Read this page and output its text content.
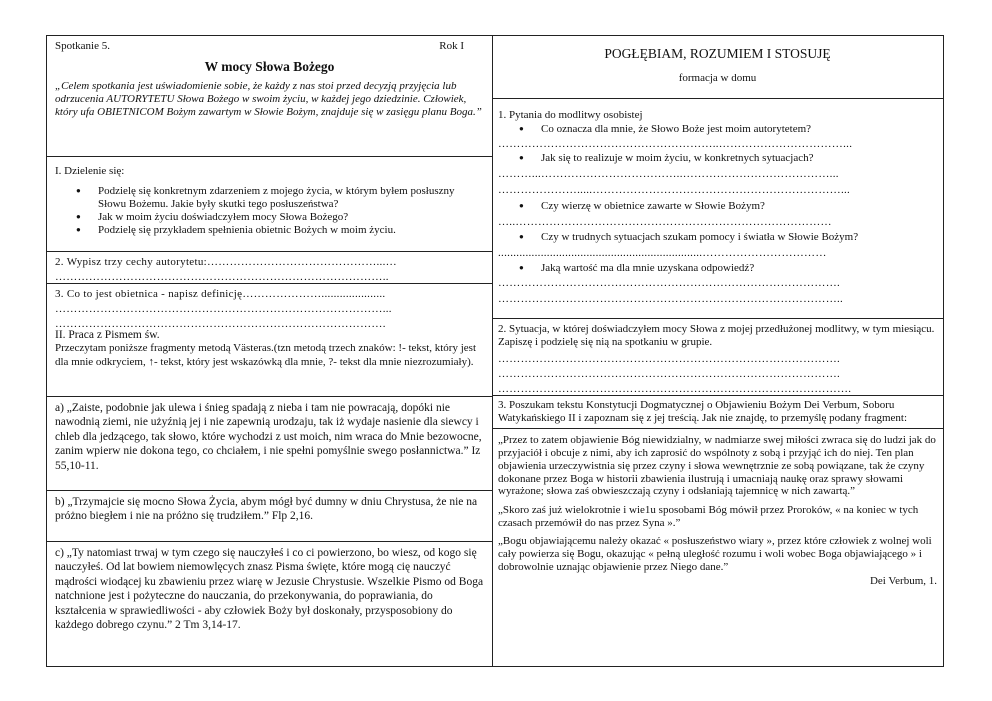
Spotkanie 5.	Rok I
W mocy Słowa Bożego

„Celem spotkania jest uświadomienie sobie, że każdy z nas stoi przed decyzją przyjęcia lub odrzucenia AUTORYTETU Słowa Bożego w swoim życiu, w każdej jego dziedzinie. Człowiek, który ufa OBIETNICOM Bożym zawartym w Słowie Bożym, znajduje się w zasięgu planu Boga.”

I. Dzielenie się:

● Podzielę się konkretnym zdarzeniem z mojego życia, w którym byłem posłuszny Słowu Bożemu. Jakie były skutki tego posłuszeństwa?
● Jak w moim życiu doświadczyłem mocy Słowa Bożego?
● Podzielę się przykładem spełnienia obietnic Bożych w moim życiu.
2. Wypisz trzy cechy autorytetu:………………………………………...…
……………………………………………………………………………..
3. Co to jest obietnica - napisz definicję………………….....................
……………………………………………………………………………...
…………………………………………………………………………….

II. Praca z Pismem św.

Przeczytam poniższe fragmenty metodą Västeras.(tzn metodą trzech znaków: !- tekst, który jest dla mnie odkryciem, ↑- tekst, który jest wskazówką dla mnie, ?- tekst dla mnie niezrozumiały).

a) „Zaiste, podobnie jak ulewa i śnieg spadają z nieba i tam nie powracają, dopóki nie nawodnią ziemi, nie użyźnią jej i nie zapewnią urodzaju, tak iż wydaje nasienie dla siewcy i chleb dla jedzącego, tak słowo, które wychodzi z ust moich, nim wraca do Mnie bezowocne, zanim wpierw nie dokona tego, co chciałem, i nie spełni pomyślnie swego posłannictwa.” Iz 55,10-11.

b) „Trzymajcie się mocno Słowa Życia, abym mógł być dumny w dniu Chrystusa, że nie na próżno biegłem i nie na próżno się trudziłem.” Flp 2,16.

c) „Ty natomiast trwaj w tym czego się nauczyłeś i co ci powierzono, bo wiesz, od kogo się nauczyłeś. Od lat bowiem niemowlęcych znasz Pisma święte, które mogą cię nauczyć mądrości wiodącej ku zbawieniu przez wiarę w Jezusie Chrystusie. Wszelkie Pismo od Boga natchnione jest i pożyteczne do nauczania, do przekonywania, do poprawiania, do kształcenia w sprawiedliwości - aby człowiek Boży był doskonały, przysposobiony do każdego dobrego czynu.” 2 Tm 3,14-17.

POGŁĘBIAM, ROZUMIEM I STOSUJĘ
formacja w domu

1. Pytania do modlitwy osobistej

● Co oznacza dla mnie, że Słowo Boże jest moim autorytetem?
…………………………………………………..……………………………...
● Jak się to realizuje w moim życiu, w konkretnych sytuacjach?
………...………………………………..…………………………………...
………………….....…………………………………………………………...
● Czy wierzę w obietnice zawarte w Słowie Bożym?
…..…………………………………………………………………………
● Czy w trudnych sytuacjach szukam pomocy i światła w Słowie Bożym?
...................................................................……………………………
● Jaką wartość ma dla mnie uzyskana odpowiedź?
……………………………………………………………………………….
………………………………………………………………………………..

2. Sytuacja, w której doświadczyłem mocy Słowa z mojej przedłużonej modlitwy, w tym miesiącu. Zapiszę i podzielę się nią na spotkaniu w grupie.

……………………………………………………………………………….
……………………………………………………………………………….
………………………………………………………………………………….

3. Poszukam tekstu Konstytucji Dogmatycznej o Objawieniu Bożym Dei Verbum, Soboru Watykańskiego II i zapoznam się z jej treścią. Jak nie znajdę, to przemyślę podany fragment:

„Przez to zatem objawienie Bóg niewidzialny, w nadmiarze swej miłości zwraca się do ludzi jak do przyjaciół i obcuje z nimi, aby ich zaprosić do wspólnoty z sobą i przyjąć ich do niej. Ten plan objawienia urzeczywistnia się przez czyny i słowa wewnętrznie ze sobą powiązane, tak że czyny dokonane przez Boga w historii zbawienia ilustrują i umacniają naukę oraz sprawy słowami wyrażone; słowa zaś obwieszczają czyny i odsłaniają tajemnicę w nich zawartą.”

„Skoro zaś już wielokrotnie i wie1u sposobami Bóg mówił przez Proroków, « na koniec w tych czasach przemówił do nas przez Syna ».”

„Bogu objawiającemu należy okazać « posłuszeństwo wiary », przez które człowiek z wolnej woli cały powierza się Bogu, okazując « pełną uległość rozumu i woli wobec Boga objawiającego » i dobrowolnie uznając objawienie przez Niego dane.”

Dei Verbum, 1.
